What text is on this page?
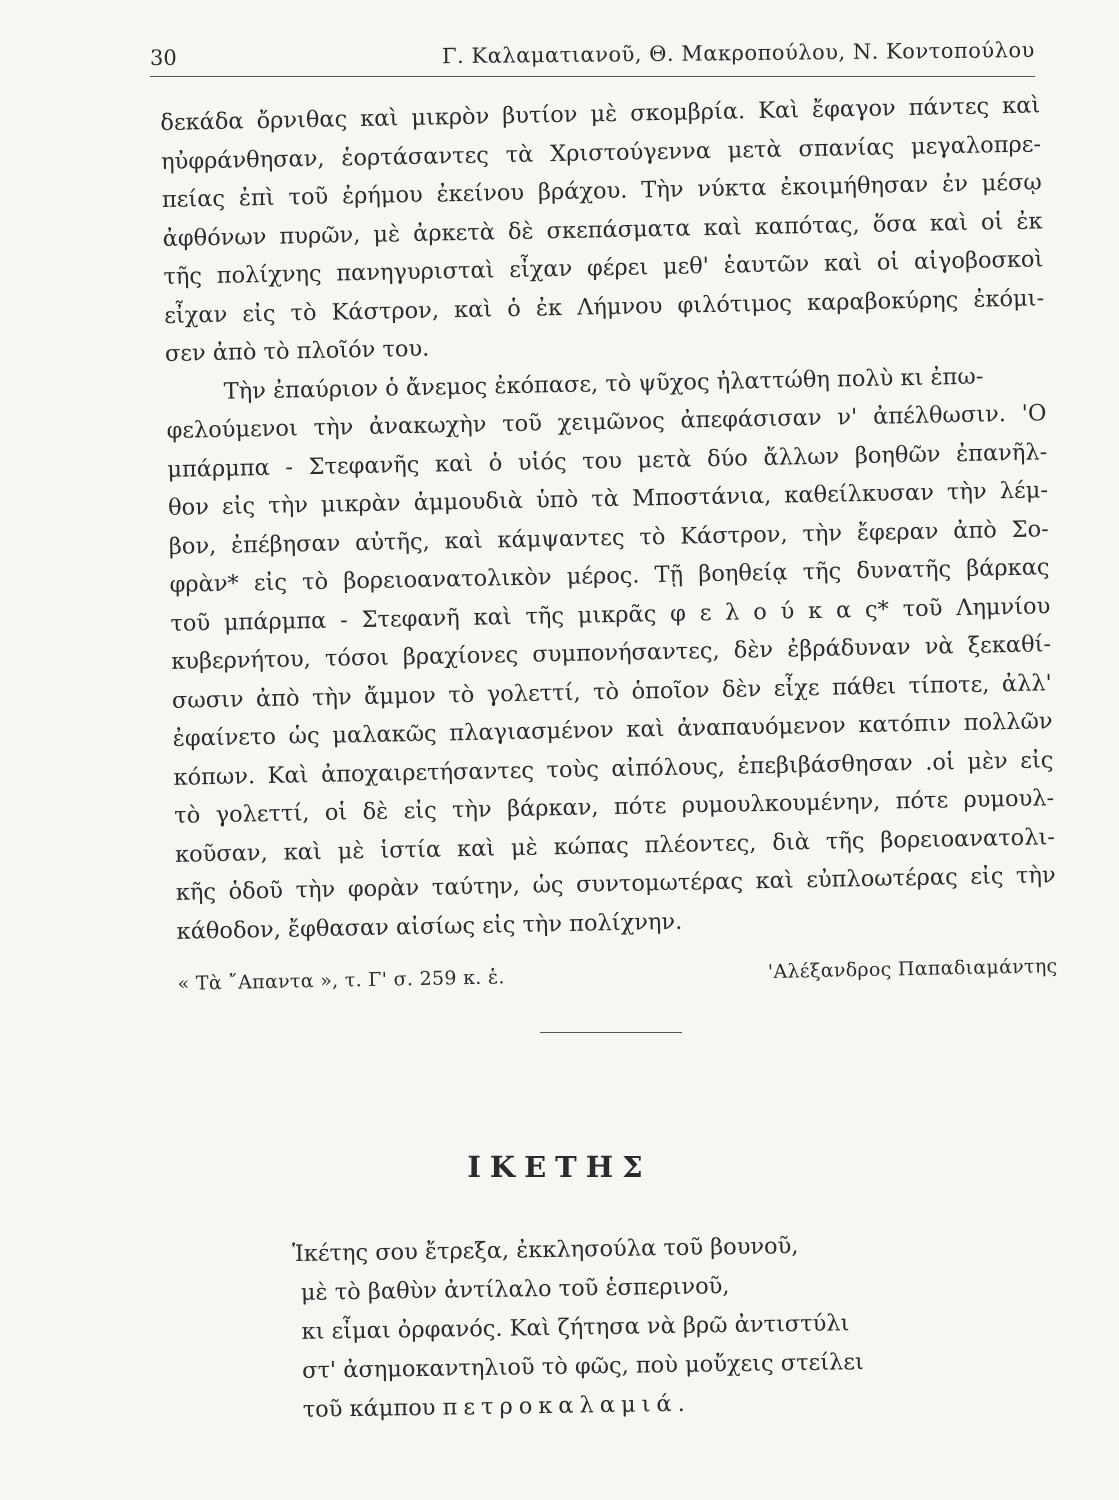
30	Γ. Καλαματιανοῦ, Θ. Μακροπούλου, Ν. Κοντοπούλου
δεκάδα ὄρνιθας καὶ μικρὸν βυτίον μὲ σκομβρία. Καὶ ἔφαγον πάντες καὶ
ηὐφράνθησαν, ἑορτάσαντες τὰ Χριστούγεννα μετὰ σπανίας μεγαλοπρε-
πείας ἐπὶ τοῦ ἐρήμου ἐκείνου βράχου. Τὴν νύκτα ἐκοιμήθησαν ἐν μέσῳ
ἀφθόνων πυρῶν, μὲ ἀρκετὰ δὲ σκεπάσματα καὶ καπότας, ὅσα καὶ οἱ ἐκ
τῆς πολίχνης πανηγυρισταὶ εἶχαν φέρει μεθ' ἑαυτῶν καὶ οἱ αἰγοβοσκοὶ
εἶχαν εἰς τὸ Κάστρον, καὶ ὁ ἐκ Λήμνου φιλότιμος καραβοκύρης ἐκόμι-
σεν ἀπὸ τὸ πλοῖόν του.
Τὴν ἐπαύριον ὁ ἄνεμος ἐκόπασε, τὸ ψῦχος ἠλαττώθη πολὺ κι ἐπω-
φελούμενοι τὴν ἀνακωχὴν τοῦ χειμῶνος ἀπεφάσισαν ν' ἀπέλθωσιν. 'Ο
μπάρμπα - Στεφανῆς καὶ ὁ υἱός του μετὰ δύο ἄλλων βοηθῶν ἐπανῆλ-
θον εἰς τὴν μικρὰν ἀμμουδιὰ ὑπὸ τὰ Μποστάνια, καθείλκυσαν τὴν λέμ-
βον, ἐπέβησαν αὐτῆς, καὶ κάμψαντες τὸ Κάστρον, τὴν ἔφεραν ἀπὸ Σο-
φρὰν* εἰς τὸ βορειοανατολικὸν μέρος. Τῇ βοηθείᾳ τῆς δυνατῆς βάρκας
τοῦ μπάρμπα - Στεφανῆ καὶ τῆς μικρᾶς φ ε λ ο ύ κ α ς* τοῦ Λημνίου
κυβερνήτου, τόσοι βραχίονες συμπονήσαντες, δὲν ἐβράδυναν νὰ ξεκαθί-
σωσιν ἀπὸ τὴν ἄμμον τὸ γολεττί, τὸ ὁποῖον δὲν εἶχε πάθει τίποτε, ἀλλ'
ἐφαίνετο ὡς μαλακῶς πλαγιασμένον καὶ ἀναπαυόμενον κατόπιν πολλῶν
κόπων. Καὶ ἀποχαιρετήσαντες τοὺς αἰπόλους, ἐπεβιβάσθησαν .οἱ μὲν εἰς
τὸ γολεττί, οἱ δὲ εἰς τὴν βάρκαν, πότε ρυμουλκουμένην, πότε ρυμουλ-
κοῦσαν, καὶ μὲ ἱστία καὶ μὲ κώπας πλέοντες, διὰ τῆς βορειοανατολι-
κῆς ὁδοῦ τὴν φορὰν ταύτην, ὡς συντομωτέρας καὶ εὐπλοωτέρας εἰς τὴν
κάθοδον, ἔφθασαν αἰσίως εἰς τὴν πολίχνην.
« Τὰ ῎Απαντα », τ. Γ' σ. 259 κ. ἑ.	'Αλέξανδρος Παπαδιαμάντης
ΙΚΕΤΗΣ
Ἱκέτης σου ἔτρεξα, ἐκκλησούλα τοῦ βουνοῦ,
μὲ τὸ βαθὺν ἀντίλαλο τοῦ ἑσπερινοῦ,
κι εἶμαι ὀρφανός. Καὶ ζήτησα νὰ βρῶ ἀντιστύλι
στ' ἀσημοκαντηλιοῦ τὸ φῶς, ποὺ μοὔχεις στείλει
τοῦ κάμπου πετροκαλαμιά.
